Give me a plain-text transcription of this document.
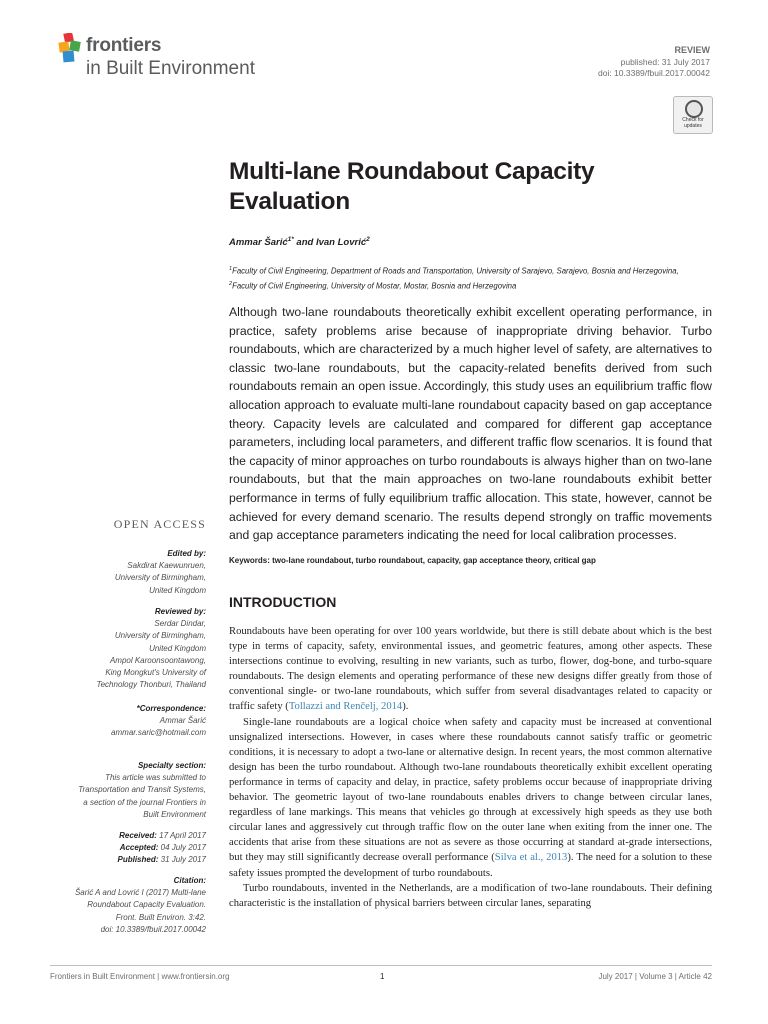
frontiers
in Built Environment
REVIEW
published: 31 July 2017
doi: 10.3389/fbuil.2017.00042
Check for
updates
Multi-lane Roundabout Capacity
Evaluation
Ammar Šarić$^{1*}$ and Ivan Lovrić$^2$
$^1$Faculty of Civil Engineering, Department of Roads and Transportation, University of Sarajevo, Sarajevo, Bosnia and Herzegovina, $^2$Faculty of Civil Engineering, University of Mostar, Mostar, Bosnia and Herzegovina
Although two-lane roundabouts theoretically exhibit excellent operating performance, in practice, safety problems arise because of inappropriate driving behavior. Turbo roundabouts, which are characterized by a much higher level of safety, are alternatives to classic two-lane roundabouts, but the capacity-related benefits derived from such roundabouts remain an open issue. Accordingly, this study uses an equilibrium traffic flow allocation approach to evaluate multi-lane roundabout capacity based on gap acceptance theory. Capacity levels are calculated and compared for different gap acceptance parameters, including local parameters, and different traffic flow scenarios. It is found that the capacity of minor approaches on turbo roundabouts is always higher than on two-lane roundabouts, but that the main approaches on two-lane roundabouts exhibit better performance in terms of fully equilibrium traffic allocation. This state, however, cannot be achieved for every demand scenario. The results depend strongly on traffic movements and gap acceptance parameters indicating the need for local calibration processes.
Keywords: two-lane roundabout, turbo roundabout, capacity, gap acceptance theory, critical gap
OPEN ACCESS
Edited by:
Sakdirat Kaewunruen,
University of Birmingham,
United Kingdom
Reviewed by:
Serdar Dindar,
University of Birmingham,
United Kingdom
Ampol Karoonsoontawong,
King Mongkut's University of
Technology Thonburi, Thailand
*Correspondence:
Ammar Šarić
ammar.saric@hotmail.com
Specialty section:
This article was submitted to
Transportation and Transit Systems,
a section of the journal Frontiers in
Built Environment
Received: 17 April 2017
Accepted: 04 July 2017
Published: 31 July 2017
Citation:
Šarić A and Lovrić I (2017) Multi-lane
Roundabout Capacity Evaluation.
Front. Built Environ. 3:42.
doi: 10.3389/fbuil.2017.00042
INTRODUCTION

Roundabouts have been operating for over 100 years worldwide, but there is still debate about which is the best type in terms of capacity, safety, environmental issues, and geometric features, among other aspects. These intersections continue to evolving, resulting in new variants, such as turbo, flower, dog-bone, and turbo-square roundabouts. The design elements and operating performance of these new designs differ greatly from those of conventional single- or two-lane roundabouts, which suffer from several disadvantages related to capacity or traffic safety (Tollazzi and Renčelj, 2014).

Single-lane roundabouts are a logical choice when safety and capacity must be increased at conventional unsignalized intersections. However, in cases where these roundabouts cannot satisfy traffic or geometric conditions, it is necessary to adopt a two-lane or alternative design. In recent years, the most common alternative design has been the turbo roundabout. Although two-lane roundabouts theoretically exhibit excellent operating performance in terms of capacity and delay, in practice, safety problems occur because of inappropriate driving behavior. The geometric layout of two-lane roundabouts enables drivers to change between circular lanes, regardless of lane markings. This means that vehicles go through at excessively high speeds as they use both circular lanes and aggressively cut through traffic flow on the outer lane when exiting from the inner one. The accidents that arise from these situations are not as severe as those occurring at standard at-grade intersections, but they may still significantly decrease overall performance (Silva et al., 2013). The need for a solution to these safety issues prompted the development of turbo roundabouts.

Turbo roundabouts, invented in the Netherlands, are a modification of two-lane roundabouts. Their defining characteristic is the installation of physical barriers between circular lanes, separating

Frontiers in Built Environment | www.frontiersin.org	1	July 2017 | Volume 3 | Article 42
